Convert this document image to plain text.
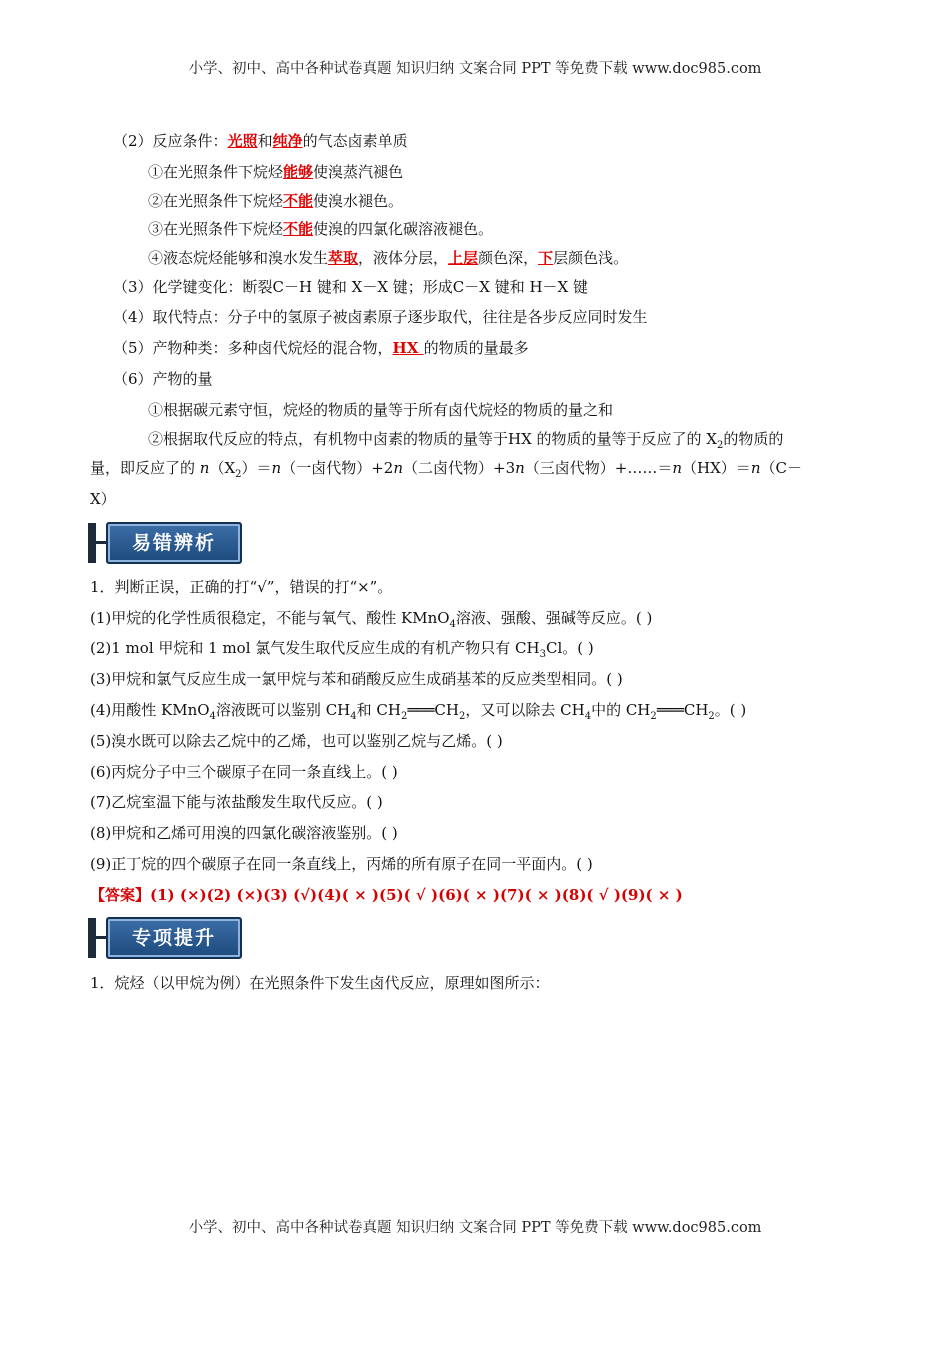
小学、初中、高中各种试卷真题 知识归纳 文案合同 PPT 等免费下载 www.doc985.com
（2）反应条件：光照和纯净的气态卤素单质
①在光照条件下烷烃能够使溴蒸汽褪色
②在光照条件下烷烃不能使溴水褪色。
③在光照条件下烷烃不能使溴的四氯化碳溶液褪色。
④液态烷烃能够和溴水发生萃取，液体分层，上层颜色深，下层颜色浅。
（3）化学键变化：断裂C－H 键和 X－X 键；形成C－X 键和 H－X 键
（4）取代特点：分子中的氢原子被卤素原子逐步取代，往往是各步反应同时发生
（5）产物种类：多种卤代烷烃的混合物，HX 的物质的量最多
（6）产物的量
①根据碳元素守恒，烷烃的物质的量等于所有卤代烷烃的物质的量之和
②根据取代反应的特点，有机物中卤素的物质的量等于HX 的物质的量等于反应了的 $X_2$的物质的
量，即反应了的 $n(X_2)=n$（一卤代物）+2n（二卤代物）+3n（三卤代物）+……＝n（HX）＝n（C－
X）
易错辨析
1．判断正误，正确的打“√”，错误的打“×”。
(1)甲烷的化学性质很稳定，不能与氧气、酸性 KMnO$_4$溶液、强酸、强碱等反应。( )
(2)1 mol 甲烷和 1 mol 氯气发生取代反应生成的有机产物只有 $CH_3Cl$。( )
(3)甲烷和氯气反应生成一氯甲烷与苯和硝酸反应生成硝基苯的反应类型相同。( )
(4)用酸性 KMnO$_4$溶液既可以鉴别 $CH_4$和 $CH_2═══CH_2$，又可以除去 $CH_4$中的 $CH_2═══CH_2$。( )
(5)溴水既可以除去乙烷中的乙烯，也可以鉴别乙烷与乙烯。( )
(6)丙烷分子中三个碳原子在同一条直线上。( )
(7)乙烷室温下能与浓盐酸发生取代反应。( )
(8)甲烷和乙烯可用溴的四氯化碳溶液鉴别。( )
(9)正丁烷的四个碳原子在同一条直线上，丙烯的所有原子在同一平面内。( )
【答案】(1) (×)(2) (×)(3) (√)(4)( × )(5)( √ )(6)( × )(7)( × )(8)( √ )(9)( × )
专项提升
1．烷烃（以甲烷为例）在光照条件下发生卤代反应，原理如图所示：
小学、初中、高中各种试卷真题 知识归纳 文案合同 PPT 等免费下载 www.doc985.com
